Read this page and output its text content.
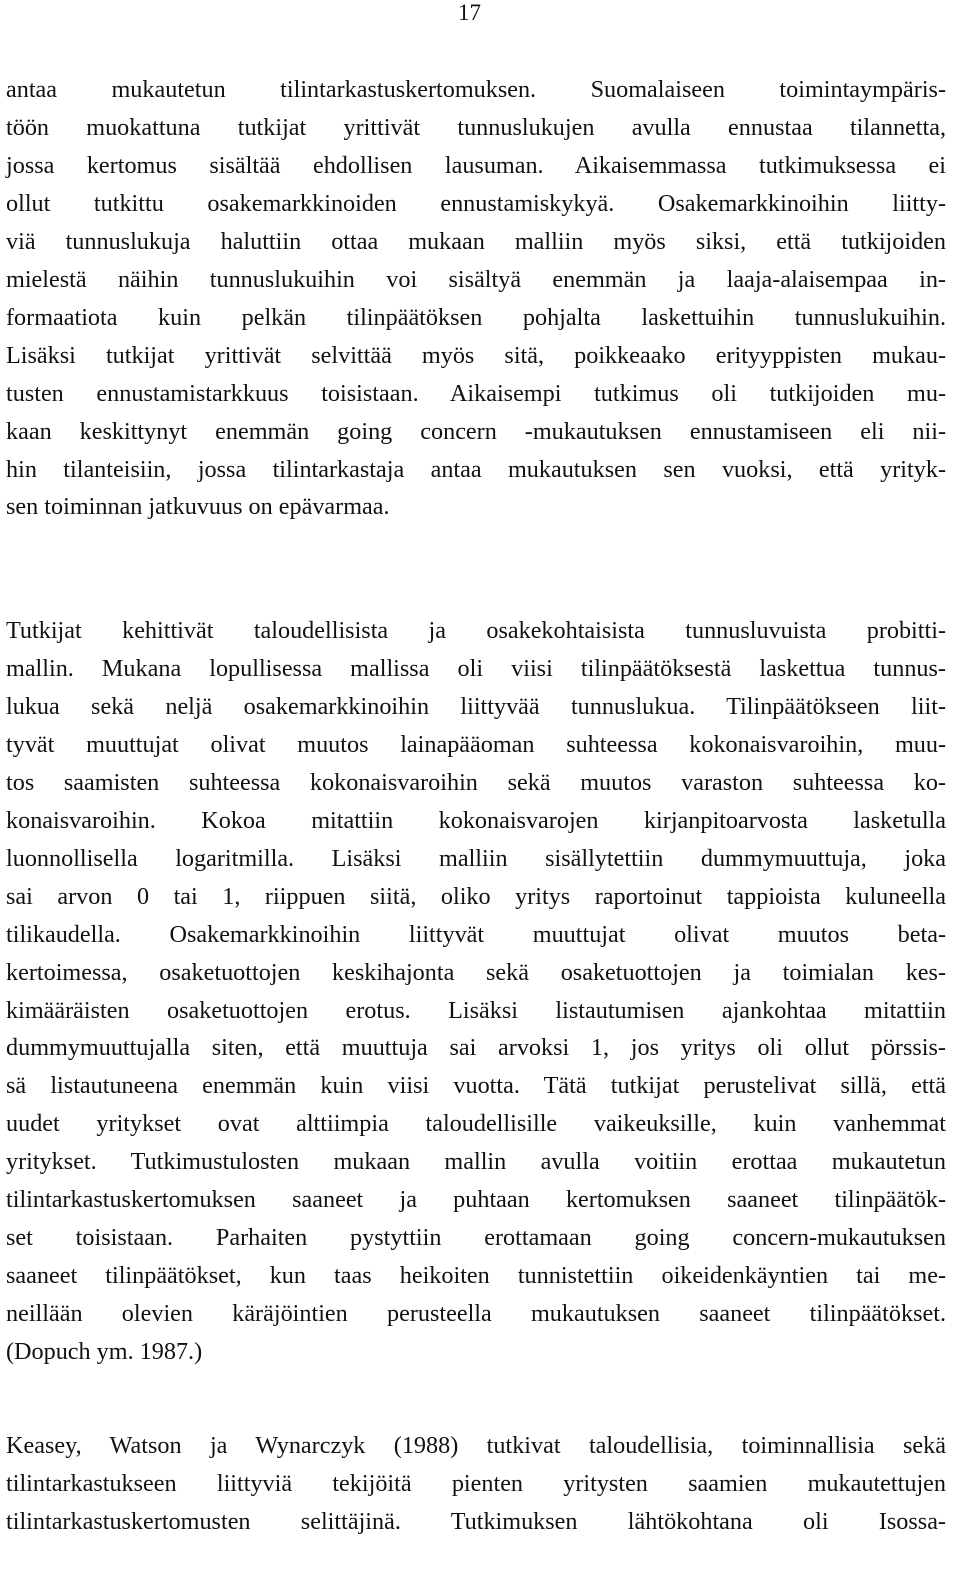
17
antaa mukautetun tilintarkastuskertomuksen. Suomalaiseen toimintaympäris-
töön muokattuna tutkijat yrittivät tunnuslukujen avulla ennustaa tilannetta,
jossa kertomus sisältää ehdollisen lausuman. Aikaisemmassa tutkimuksessa ei
ollut tutkittu osakemarkkinoiden ennustamiskykyä. Osakemarkkinoihin liitty-
viä tunnuslukuja haluttiin ottaa mukaan malliin myös siksi, että tutkijoiden
mielestä näihin tunnuslukuihin voi sisältyä enemmän ja laaja-alaisempaa in-
formaatiota kuin pelkän tilinpäätöksen pohjalta laskettuihin tunnuslukuihin.
Lisäksi tutkijat yrittivät selvittää myös sitä, poikkeaako erityyppisten mukau-
tusten ennustamistarkkuus toisistaan. Aikaisempi tutkimus oli tutkijoiden mu-
kaan keskittynyt enemmän going concern -mukautuksen ennustamiseen eli nii-
hin tilanteisiin, jossa tilintarkastaja antaa mukautuksen sen vuoksi, että yrityk-
sen toiminnan jatkuvuus on epävarmaa.
Tutkijat kehittivät taloudellisista ja osakekohtaisista tunnusluvuista probitti-
mallin. Mukana lopullisessa mallissa oli viisi tilinpäätöksestä laskettua tunnus-
lukua sekä neljä osakemarkkinoihin liittyvää tunnuslukua. Tilinpäätökseen liit-
tyvät muuttujat olivat muutos lainapääoman suhteessa kokonaisvaroihin, muu-
tos saamisten suhteessa kokonaisvaroihin sekä muutos varaston suhteessa ko-
konaisvaroihin. Kokoa mitattiin kokonaisvarojen kirjanpitoarvosta lasketulla
luonnollisella logaritmilla. Lisäksi malliin sisällytettiin dummymuuttuja, joka
sai arvon 0 tai 1, riippuen siitä, oliko yritys raportoinut tappioista kuluneella
tilikaudella. Osakemarkkinoihin liittyvät muuttujat olivat muutos beta-
kertoimessa, osaketuottojen keskihajonta sekä osaketuottojen ja toimialan kes-
kimääräisten osaketuottojen erotus. Lisäksi listautumisen ajankohtaa mitattiin
dummymuuttujalla siten, että muuttuja sai arvoksi 1, jos yritys oli ollut pörssis-
sä listautuneena enemmän kuin viisi vuotta. Tätä tutkijat perustelivat sillä, että
uudet yritykset ovat alttiimpia taloudellisille vaikeuksille, kuin vanhemmat
yritykset. Tutkimustulosten mukaan mallin avulla voitiin erottaa mukautetun
tilintarkastuskertomuksen saaneet ja puhtaan kertomuksen saaneet tilinpäätök-
set toisistaan. Parhaiten pystyttiin erottamaan going concern-mukautuksen
saaneet tilinpäätökset, kun taas heikoiten tunnistettiin oikeidenkäyntien tai me-
neillään olevien käräjöintien perusteella mukautuksen saaneet tilinpäätökset.
(Dopuch ym. 1987.)
Keasey, Watson ja Wynarczyk (1988) tutkivat taloudellisia, toiminnallisia sekä
tilintarkastukseen liittyviä tekijöitä pienten yritysten saamien mukautettujen
tilintarkastuskertomusten selittäjinä. Tutkimuksen lähtökohtana oli Isossa-
